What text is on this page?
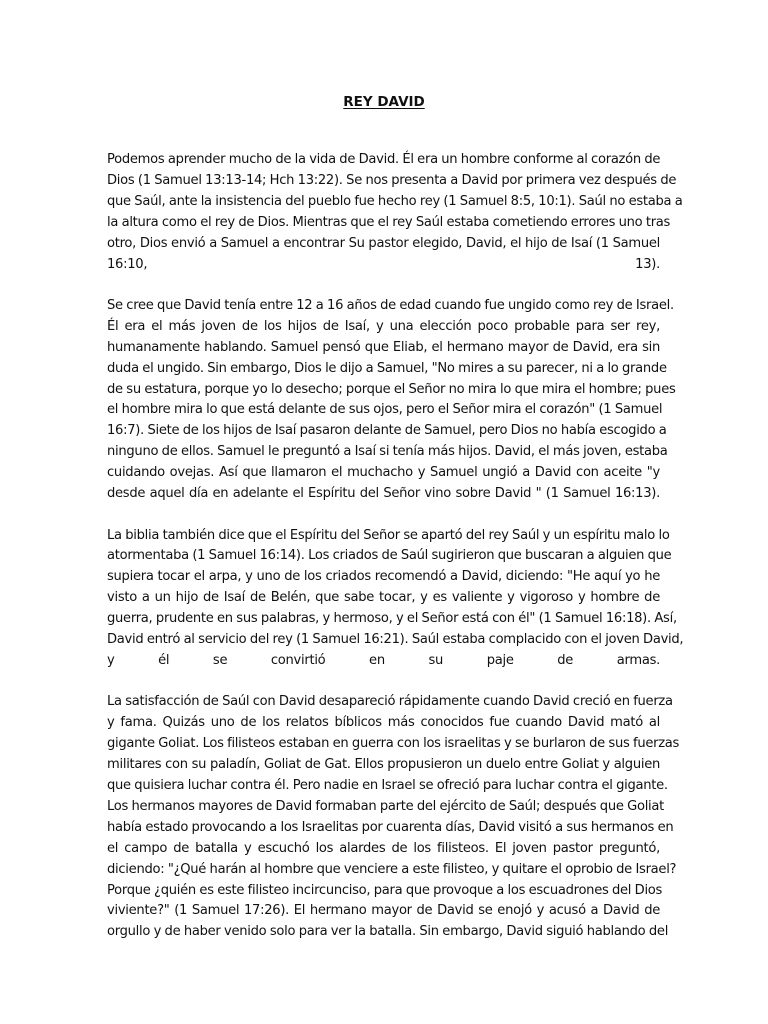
REY DAVID
Podemos aprender mucho de la vida de David. Él era un hombre conforme al corazón de
Dios (1 Samuel 13:13-14; Hch 13:22). Se nos presenta a David por primera vez después de
que Saúl, ante la insistencia del pueblo fue hecho rey (1 Samuel 8:5, 10:1). Saúl no estaba a
la altura como el rey de Dios. Mientras que el rey Saúl estaba cometiendo errores uno tras
otro, Dios envió a Samuel a encontrar Su pastor elegido, David, el hijo de Isaí (1 Samuel
16:10, 13).
Se cree que David tenía entre 12 a 16 años de edad cuando fue ungido como rey de Israel.
Él era el más joven de los hijos de Isaí, y una elección poco probable para ser rey,
humanamente hablando. Samuel pensó que Eliab, el hermano mayor de David, era sin
duda el ungido. Sin embargo, Dios le dijo a Samuel, "No mires a su parecer, ni a lo grande
de su estatura, porque yo lo desecho; porque el Señor no mira lo que mira el hombre; pues
el hombre mira lo que está delante de sus ojos, pero el Señor mira el corazón" (1 Samuel
16:7). Siete de los hijos de Isaí pasaron delante de Samuel, pero Dios no había escogido a
ninguno de ellos. Samuel le preguntó a Isaí si tenía más hijos. David, el más joven, estaba
cuidando ovejas. Así que llamaron el muchacho y Samuel ungió a David con aceite "y
desde aquel día en adelante el Espíritu del Señor vino sobre David " (1 Samuel 16:13).
La biblia también dice que el Espíritu del Señor se apartó del rey Saúl y un espíritu malo lo
atormentaba (1 Samuel 16:14). Los criados de Saúl sugirieron que buscaran a alguien que
supiera tocar el arpa, y uno de los criados recomendó a David, diciendo: "He aquí yo he
visto a un hijo de Isaí de Belén, que sabe tocar, y es valiente y vigoroso y hombre de
guerra, prudente en sus palabras, y hermoso, y el Señor está con él" (1 Samuel 16:18). Así,
David entró al servicio del rey (1 Samuel 16:21). Saúl estaba complacido con el joven David,
y él se convirtió en su paje de armas.
La satisfacción de Saúl con David desapareció rápidamente cuando David creció en fuerza
y fama. Quizás uno de los relatos bíblicos más conocidos fue cuando David mató al
gigante Goliat. Los filisteos estaban en guerra con los israelitas y se burlaron de sus fuerzas
militares con su paladín, Goliat de Gat. Ellos propusieron un duelo entre Goliat y alguien
que quisiera luchar contra él. Pero nadie en Israel se ofreció para luchar contra el gigante.
Los hermanos mayores de David formaban parte del ejército de Saúl; después que Goliat
había estado provocando a los Israelitas por cuarenta días, David visitó a sus hermanos en
el campo de batalla y escuchó los alardes de los filisteos. El joven pastor preguntó,
diciendo: "¿Qué harán al hombre que venciere a este filisteo, y quitare el oprobio de Israel?
Porque ¿quién es este filisteo incircunciso, para que provoque a los escuadrones del Dios
viviente?" (1 Samuel 17:26). El hermano mayor de David se enojó y acusó a David de
orgullo y de haber venido solo para ver la batalla. Sin embargo, David siguió hablando del
